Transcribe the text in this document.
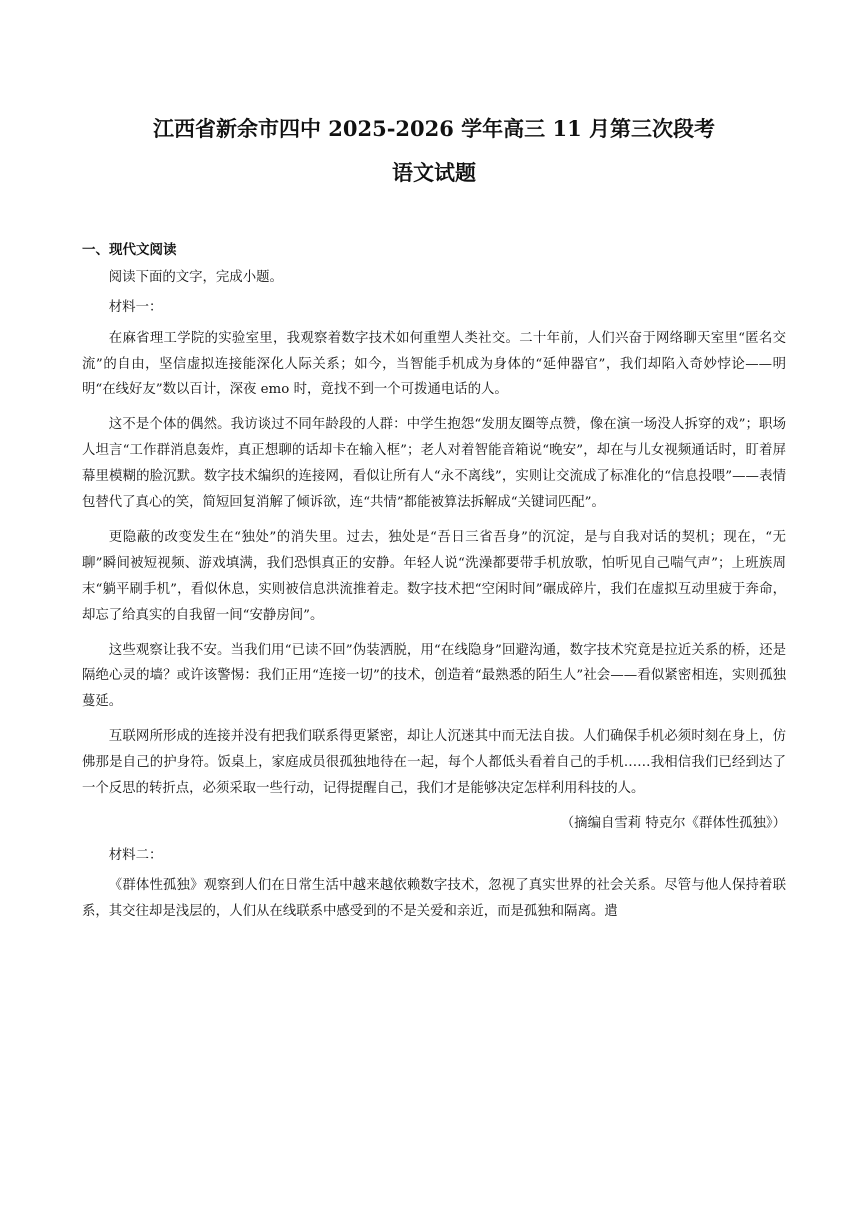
江西省新余市四中 2025-2026 学年高三 11 月第三次段考
语文试题
一、现代文阅读

阅读下面的文字，完成小题。

材料一：

在麻省理工学院的实验室里，我观察着数字技术如何重塑人类社交。二十年前，人们兴奋于网络聊天室里“匿名交流”的自由，坚信虚拟连接能深化人际关系；如今，当智能手机成为身体的“延伸器官”，我们却陷入奇妙悖论——明明“在线好友”数以百计，深夜 emo 时，竟找不到一个可拨通电话的人。

这不是个体的偶然。我访谈过不同年龄段的人群：中学生抱怨“发朋友圈等点赞，像在演一场没人拆穿的戏”；职场人坦言“工作群消息轰炸，真正想聊的话却卡在输入框”；老人对着智能音箱说“晚安”，却在与儿女视频通话时，盯着屏幕里模糊的脸沉默。数字技术编织的连接网，看似让所有人“永不离线”，实则让交流成了标准化的“信息投喂”——表情包替代了真心的笑，简短回复消解了倾诉欲，连“共情”都能被算法拆解成“关键词匹配”。

更隐蔽的改变发生在“独处”的消失里。过去，独处是“吾日三省吾身”的沉淀，是与自我对话的契机；现在，“无聊”瞬间被短视频、游戏填满，我们恐惧真正的安静。年轻人说“洗澡都要带手机放歌，怕听见自己喘气声”；上班族周末“躺平刷手机”，看似休息，实则被信息洪流推着走。数字技术把“空闲时间”碾成碎片，我们在虚拟互动里疲于奔命，却忘了给真实的自我留一间“安静房间”。

这些观察让我不安。当我们用“已读不回”伪装洒脱，用“在线隐身”回避沟通，数字技术究竟是拉近关系的桥，还是隔绝心灵的墙？或许该警惕：我们正用“连接一切”的技术，创造着“最熟悉的陌生人”社会——看似紧密相连，实则孤独蔓延。

互联网所形成的连接并没有把我们联系得更紧密，却让人沉迷其中而无法自拔。人们确保手机必须时刻在身上，仿佛那是自己的护身符。饭桌上，家庭成员很孤独地待在一起，每个人都低头看着自己的手机……我相信我们已经到达了一个反思的转折点，必须采取一些行动，记得提醒自己，我们才是能够决定怎样利用科技的人。

（摘编自雪莉 特克尔《群体性孤独》）

材料二：

《群体性孤独》观察到人们在日常生活中越来越依赖数字技术，忽视了真实世界的社会关系。尽管与他人保持着联系，其交往却是浅层的，人们从在线联系中感受到的不是关爱和亲近，而是孤独和隔离。遣
